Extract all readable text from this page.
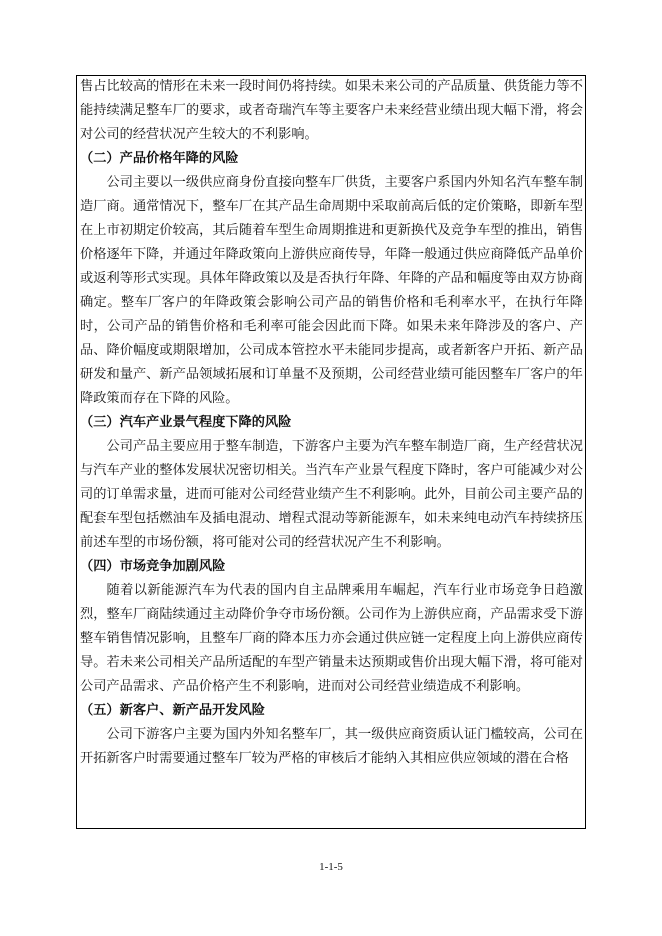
售占比较高的情形在未来一段时间仍将持续。如果未来公司的产品质量、供货能力等不能持续满足整车厂的要求，或者奇瑞汽车等主要客户未来经营业绩出现大幅下滑，将会对公司的经营状况产生较大的不利影响。

（二）产品价格年降的风险

公司主要以一级供应商身份直接向整车厂供货，主要客户系国内外知名汽车整车制造厂商。通常情况下，整车厂在其产品生命周期中采取前高后低的定价策略，即新车型在上市初期定价较高，其后随着车型生命周期推进和更新换代及竞争车型的推出，销售价格逐年下降，并通过年降政策向上游供应商传导，年降一般通过供应商降低产品单价或返利等形式实现。具体年降政策以及是否执行年降、年降的产品和幅度等由双方协商确定。整车厂客户的年降政策会影响公司产品的销售价格和毛利率水平，在执行年降时，公司产品的销售价格和毛利率可能会因此而下降。如果未来年降涉及的客户、产品、降价幅度或期限增加，公司成本管控水平未能同步提高，或者新客户开拓、新产品研发和量产、新产品领域拓展和订单量不及预期，公司经营业绩可能因整车厂客户的年降政策而存在下降的风险。

（三）汽车产业景气程度下降的风险

公司产品主要应用于整车制造，下游客户主要为汽车整车制造厂商，生产经营状况与汽车产业的整体发展状况密切相关。当汽车产业景气程度下降时，客户可能减少对公司的订单需求量，进而可能对公司经营业绩产生不利影响。此外，目前公司主要产品的配套车型包括燃油车及插电混动、增程式混动等新能源车，如未来纯电动汽车持续挤压前述车型的市场份额，将可能对公司的经营状况产生不利影响。

（四）市场竞争加剧风险

随着以新能源汽车为代表的国内自主品牌乘用车崛起，汽车行业市场竞争日趋激烈，整车厂商陆续通过主动降价争夺市场份额。公司作为上游供应商，产品需求受下游整车销售情况影响，且整车厂商的降本压力亦会通过供应链一定程度上向上游供应商传导。若未来公司相关产品所适配的车型产销量未达预期或售价出现大幅下滑，将可能对公司产品需求、产品价格产生不利影响，进而对公司经营业绩造成不利影响。

（五）新客户、新产品开发风险

公司下游客户主要为国内外知名整车厂，其一级供应商资质认证门槛较高，公司在开拓新客户时需要通过整车厂较为严格的审核后才能纳入其相应供应领域的潜在合格

1-1-5
